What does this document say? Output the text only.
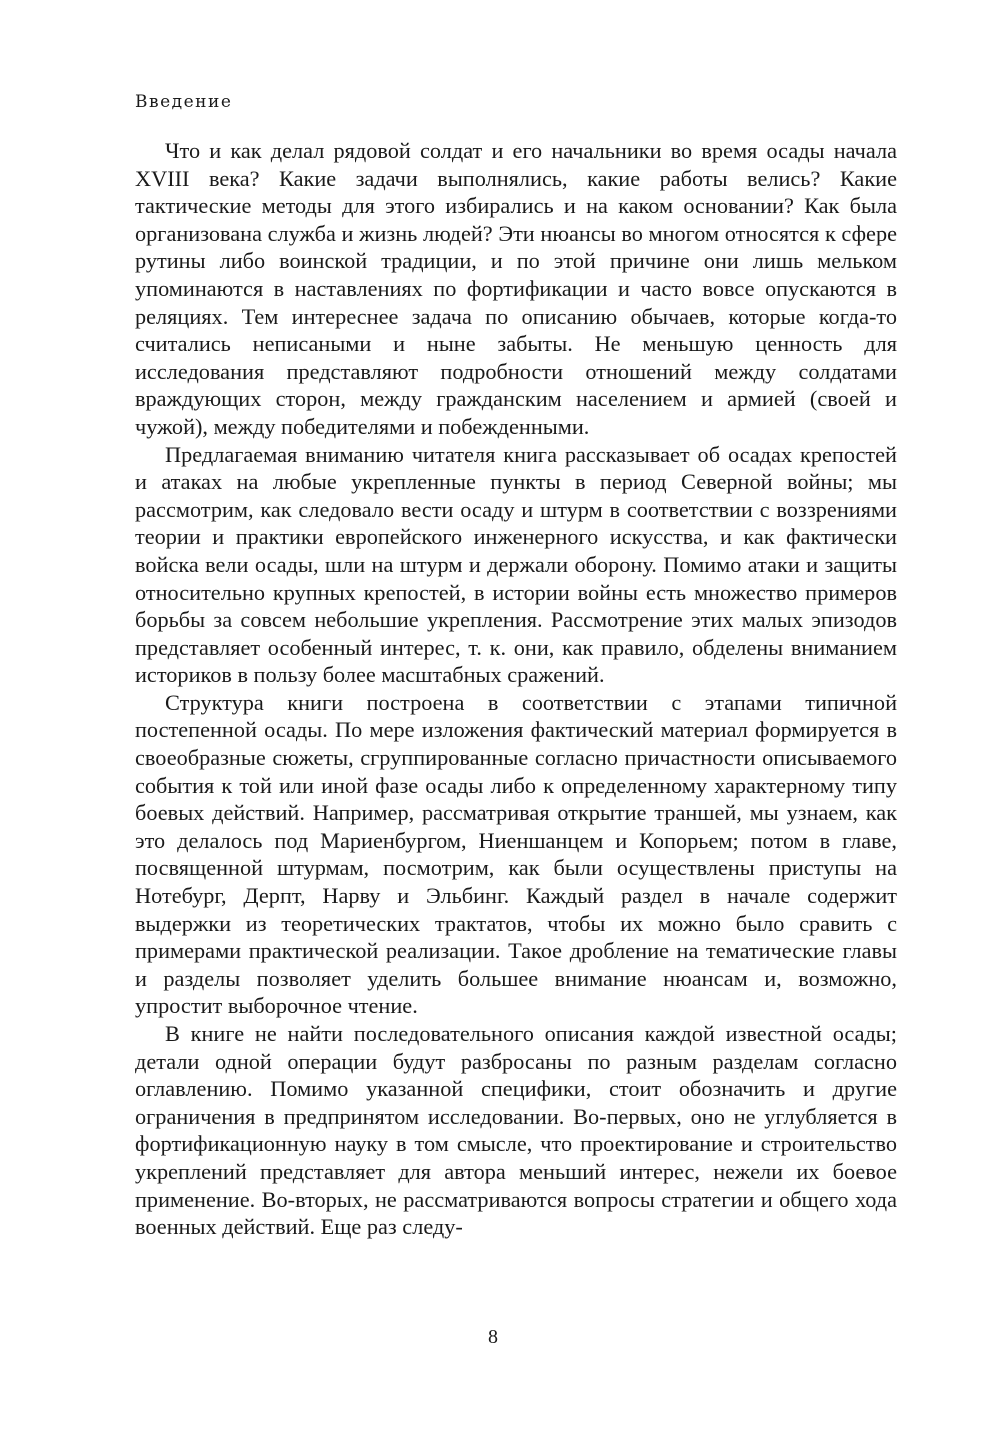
Введение

Что и как делал рядовой солдат и его начальники во время осады начала XVIII века? Какие задачи выполнялись, какие работы велись? Какие тактические методы для этого избирались и на каком основании? Как была организована служба и жизнь людей? Эти нюансы во многом относятся к сфере рутины либо воинской традиции, и по этой причине они лишь мельком упоминаются в наставлениях по фортификации и часто вовсе опускаются в реляциях. Тем интереснее задача по описанию обычаев, которые когда-то считались неписаными и ныне забыты. Не меньшую ценность для исследования представляют подробности отношений между солдатами враждующих сторон, между гражданским населением и армией (своей и чужой), между победителями и побежденными.

Предлагаемая вниманию читателя книга рассказывает об осадах крепостей и атаках на любые укрепленные пункты в период Северной войны; мы рассмотрим, как следовало вести осаду и штурм в соответствии с воззрениями теории и практики европейского инженерного искусства, и как фактически войска вели осады, шли на штурм и держали оборону. Помимо атаки и защиты относительно крупных крепостей, в истории войны есть множество примеров борьбы за совсем небольшие укрепления. Рассмотрение этих малых эпизодов представляет особенный интерес, т. к. они, как правило, обделены вниманием историков в пользу более масштабных сражений.

Структура книги построена в соответствии с этапами типичной постепенной осады. По мере изложения фактический материал формируется в своеобразные сюжеты, сгруппированные согласно причастности описываемого события к той или иной фазе осады либо к определенному характерному типу боевых действий. Например, рассматривая открытие траншей, мы узнаем, как это делалось под Мариенбургом, Ниеншанцем и Копорьем; потом в главе, посвященной штурмам, посмотрим, как были осуществлены приступы на Нотебург, Дерпт, Нарву и Эльбинг. Каждый раздел в начале содержит выдержки из теоретических трактатов, чтобы их можно было сравить с примерами практической реализации. Такое дробление на тематические главы и разделы позволяет уделить большее внимание нюансам и, возможно, упростит выборочное чтение.

В книге не найти последовательного описания каждой известной осады; детали одной операции будут разбросаны по разным разделам согласно оглавлению. Помимо указанной специфики, стоит обозначить и другие ограничения в предпринятом исследовании. Во-первых, оно не углубляется в фортификационную науку в том смысле, что проектирование и строительство укреплений представляет для автора меньший интерес, нежели их боевое применение. Во-вторых, не рассматриваются вопросы стратегии и общего хода военных действий. Еще раз следу-

8
